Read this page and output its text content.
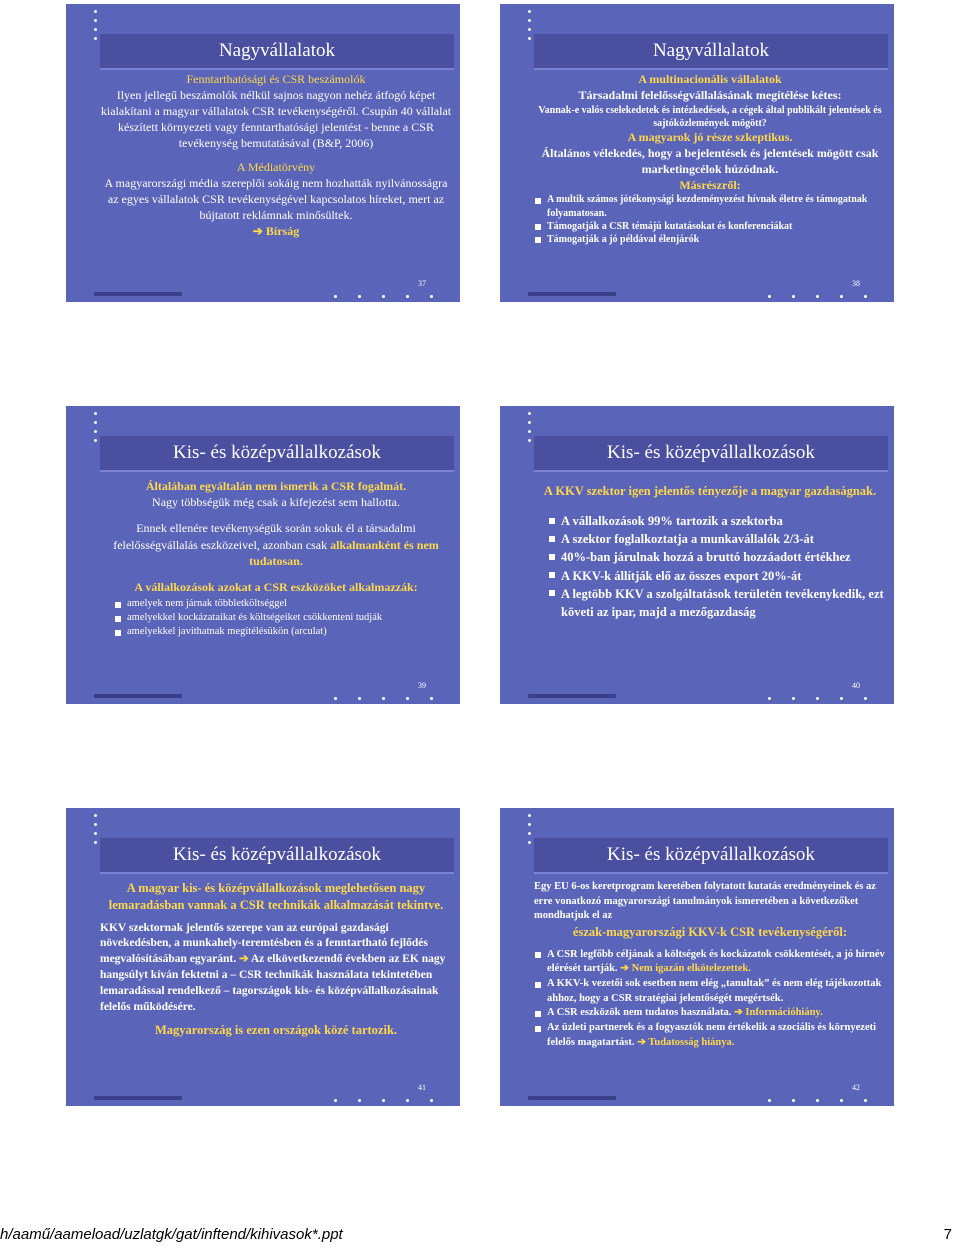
Nagyvállalatok
Fenntarthatósági és CSR beszámolók
Ilyen jellegű beszámolók nélkül sajnos nagyon nehéz átfogó képet kialakítani a magyar vállalatok CSR tevékenységéről. Csupán 40 vállalat készített környezeti vagy fenntarthatósági jelentést - benne a CSR tevékenység bemutatásával (B&P, 2006)
A Médiatörvény
A magyarországi média szereplői sokáig nem hozhatták nyilvánosságra az egyes vállalatok CSR tevékenységével kapcsolatos híreket, mert az bújtatott reklámnak minősültek.
➔ Bírság
37
Nagyvállalatok
A multinacionális vállalatok
Társadalmi felelősségvállalásának megítélése kétes:
Vannak-e valós cselekedetek és intézkedések, a cégek által publikált jelentések és sajtóközlemények mögött?
A magyarok jó része szkeptikus.
Általános vélekedés, hogy a bejelentések és jelentések mögött csak marketingcélok húzódnak.
Másrészről:
A multik számos jótékonysági kezdeményezést hívnak életre és támogatnak folyamatosan.
Támogatják a CSR témájú kutatásokat és konferenciákat
Támogatják a jó példával élenjárók
38
Kis- és középvállalkozások
Általában egyáltalán nem ismerik a CSR fogalmát.
Nagy többségük még csak a kifejezést sem hallotta.
Ennek ellenére tevékenységük során sokuk él a társadalmi felelősségvállalás eszközeivel, azonban csak alkalmanként és nem tudatosan.
A vállalkozások azokat a CSR eszközöket alkalmazzák:
amelyek nem járnak többletköltséggel
amelyekkel kockázataikat és költségeiket csökkenteni tudják
amelyekkel javíthatnak megítélésükön (arculat)
39
Kis- és középvállalkozások
A KKV szektor igen jelentős tényezője a magyar gazdaságnak.
A vállalkozások 99% tartozik a szektorba
A szektor foglalkoztatja a munkavállalók 2/3-át
40%-ban járulnak hozzá a bruttó hozzáadott értékhez
A KKV-k állítják elő az összes export 20%-át
A legtöbb KKV a szolgáltatások területén tevékenykedik, ezt követi az ipar, majd a mezőgazdaság
40
Kis- és középvállalkozások
A magyar kis- és középvállalkozások meglehetősen nagy lemaradásban vannak a CSR technikák alkalmazását tekintve.
KKV szektornak jelentős szerepe van az európai gazdasági növekedésben, a munkahely-teremtésben és a fenntartható fejlődés megvalósításában egyaránt. ➔ Az elkövetkezendő években az EK nagy hangsúlyt kíván fektetni a – CSR technikák használata tekintetében lemaradással rendelkező – tagországok kis- és középvállalkozásainak felelős működésére.
Magyarország is ezen országok közé tartozik.
41
Kis- és középvállalkozások
Egy EU 6-os keretprogram keretében folytatott kutatás eredményeinek és az erre vonatkozó magyarországi tanulmányok ismeretében a következőket mondhatjuk el az
észak-magyarországi KKV-k CSR tevékenységéről:
A CSR legfőbb céljának a költségek és kockázatok csökkentését, a jó hírnév elérését tartják. ➔ Nem igazán elkötelezettek.
A KKV-k vezetői sok esetben nem elég „tanultak” és nem elég tájékozottak ahhoz, hogy a CSR stratégiai jelentőségét megértsék.
A CSR eszközök nem tudatos használata. ➔ Információhiány.
Az üzleti partnerek és a fogyasztók nem értékelik a szociális és környezeti felelős magatartást. ➔ Tudatosság hiánya.
42
h/aamű/aameload/uzlatgk/gat/inftend/kihivasok*.ppt	7
